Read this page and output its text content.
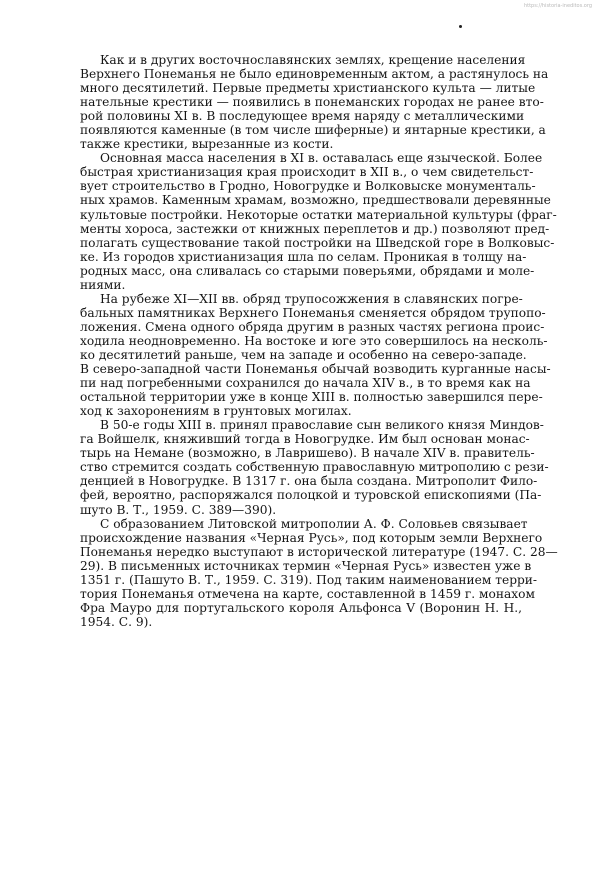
https://historia-ineditos.org
Как и в других восточнославянских землях, крещение населения
Верхнего Понеманья не было единовременным актом, а растянулось на
много десятилетий. Первые предметы христианского культа — литые
нательные крестики — появились в понеманских городах не ранее вто-
рой половины XI в. В последующее время наряду с металлическими
появляются каменные (в том числе шиферные) и янтарные крестики, а
также крестики, вырезанные из кости.
Основная масса населения в XI в. оставалась еще языческой. Более
быстрая христианизация края происходит в XII в., о чем свидетельст-
вует строительство в Гродно, Новогрудке и Волковыске монументаль-
ных храмов. Каменным храмам, возможно, предшествовали деревянные
культовые постройки. Некоторые остатки материальной культуры (фраг-
менты хороса, застежки от книжных переплетов и др.) позволяют пред-
полагать существование такой постройки на Шведской горе в Волковыс-
ке. Из городов христианизация шла по селам. Проникая в толщу на-
родных масс, она сливалась со старыми поверьями, обрядами и моле-
ниями.
На рубеже XI—XII вв. обряд трупосожжения в славянских погре-
бальных памятниках Верхнего Понеманья сменяется обрядом трупопо-
ложения. Смена одного обряда другим в разных частях региона проис-
ходила неодновременно. На востоке и юге это совершилось на несколь-
ко десятилетий раньше, чем на западе и особенно на северо-западе.
В северо-западной части Понеманья обычай возводить курганные насы-
пи над погребенными сохранился до начала XIV в., в то время как на
остальной территории уже в конце XIII в. полностью завершился пере-
ход к захоронениям в грунтовых могилах.
В 50-е годы XIII в. принял православие сын великого князя Миндов-
га Войшелк, княживший тогда в Новогрудке. Им был основан монас-
тырь на Немане (возможно, в Лавришево). В начале XIV в. правитель-
ство стремится создать собственную православную митрополию с рези-
денцией в Новогрудке. В 1317 г. она была создана. Митрополит Фило-
фей, вероятно, распоряжался полоцкой и туровской епископиями (Па-
шуто В. Т., 1959. С. 389—390).
С образованием Литовской митрополии А. Ф. Соловьев связывает
происхождение названия «Черная Русь», под которым земли Верхнего
Понеманья нередко выступают в исторической литературе (1947. С. 28—
29). В письменных источниках термин «Черная Русь» известен уже в
1351 г. (Пашуто В. Т., 1959. С. 319). Под таким наименованием терри-
тория Понеманья отмечена на карте, составленной в 1459 г. монахом
Фра Мауро для португальского короля Альфонса V (Воронин Н. Н.,
1954. С. 9).
